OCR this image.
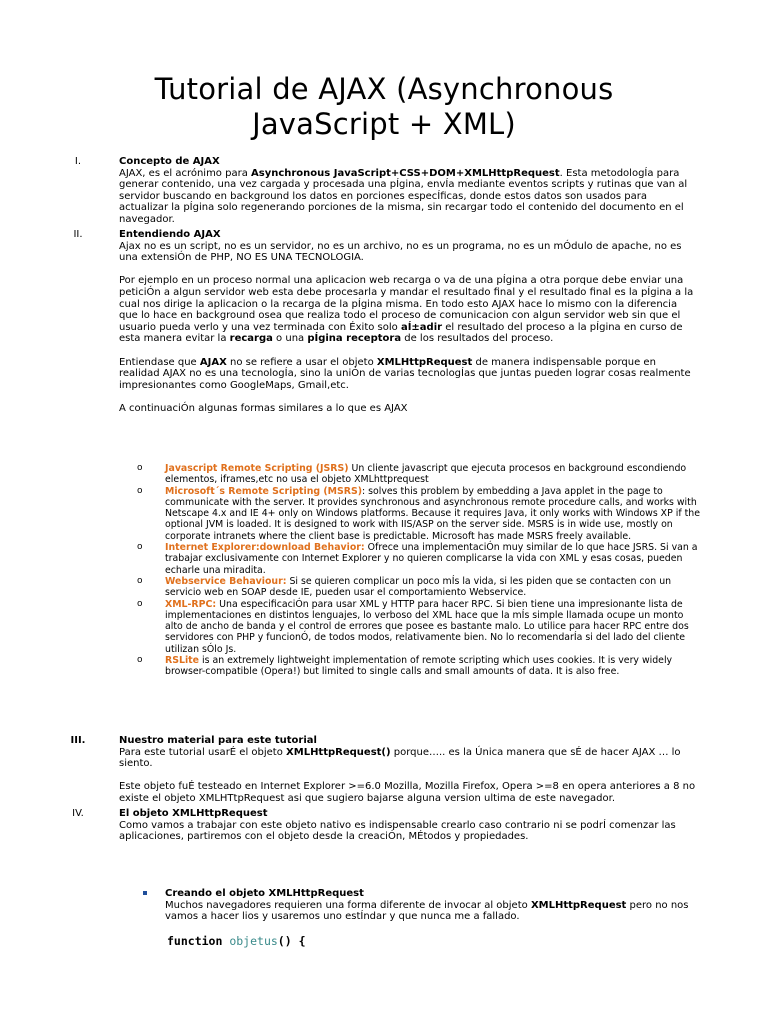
Tutorial de AJAX (Asynchronous
JavaScript + XML)
I.	Concepto de AJAX

AJAX, es el acrónimo para Asynchronous JavaScript+CSS+DOM+XMLHttpRequest. Esta metodologÍa para generar contenido, una vez cargada y procesada una pÍgina, envÍa mediante eventos scripts y rutinas que van al servidor buscando en background los datos en porciones especÍficas, donde estos datos son usados para actualizar la pÍgina solo regenerando porciones de la misma, sin recargar todo el contenido del documento en el navegador.

II.	Entendiendo AJAX

Ajax no es un script, no es un servidor, no es un archivo, no es un programa, no es un mÓdulo de apache, no es una extensiÓn de PHP, NO ES UNA TECNOLOGIA.

Por ejemplo en un proceso normal una aplicacion web recarga o va de una pÍgina a otra porque debe enviar una peticiÓn a algun servidor web esta debe procesarla y mandar el resultado final y el resultado final es la pÍgina a la cual nos dirige la aplicacion o la recarga de la pÍgina misma. En todo esto AJAX hace lo mismo con la diferencia que lo hace en background osea que realiza todo el proceso de comunicacion con algun servidor web sin que el usuario pueda verlo y una vez terminada con Éxito solo aÍ±adir el resultado del proceso a la pÍgina en curso de esta manera evitar la recarga o una pÍgina receptora de los resultados del proceso.

Entiendase que AJAX no se refiere a usar el objeto XMLHttpRequest de manera indispensable porque en realidad AJAX no es una tecnologÍa, sino la uniÓn de varias tecnologÍas que juntas pueden lograr cosas realmente impresionantes como GoogleMaps, Gmail,etc.

A continuaciÓn algunas formas similares a lo que es AJAX

o Javascript Remote Scripting (JSRS) Un cliente javascript que ejecuta procesos en background escondiendo elementos, iframes,etc no usa el objeto XMLhttprequest
o Microsoft´s Remote Scripting (MSRS): solves this problem by embedding a Java applet in the page to communicate with the server. It provides synchronous and asynchronous remote procedure calls, and works with Netscape 4.x and IE 4+ only on Windows platforms. Because it requires Java, it only works with Windows XP if the optional JVM is loaded. It is designed to work with IIS/ASP on the server side. MSRS is in wide use, mostly on corporate intranets where the client base is predictable. Microsoft has made MSRS freely available.
o Internet Explorer:download Behavior: Ofrece una implementaciÓn muy similar de lo que hace JSRS. Si van a trabajar exclusivamente con Internet Explorer y no quieren complicarse la vida con XML y esas cosas, pueden echarle una miradita.
o Webservice Behaviour: Si se quieren complicar un poco mÍs la vida, si les piden que se contacten con un servicio web en SOAP desde IE, pueden usar el comportamiento Webservice.
o XML-RPC: Una especificaciÓn para usar XML y HTTP para hacer RPC. Si bien tiene una impresionante lista de implementaciones en distintos lenguajes, lo verboso del XML hace que la mÍs simple llamada ocupe un monto alto de ancho de banda y el control de errores que posee es bastante malo. Lo utilice para hacer RPC entre dos servidores con PHP y funcionÓ, de todos modos, relativamente bien. No lo recomendarÍa si del lado del cliente utilizan sÓlo Js.
o RSLite is an extremely lightweight implementation of remote scripting which uses cookies. It is very widely browser-compatible (Opera!) but limited to single calls and small amounts of data. It is also free.
III.	Nuestro material para este tutorial

Para este tutorial usarÉ el objeto XMLHttpRequest() porque….. es la Única manera que sÉ de hacer AJAX … lo siento.

Este objeto fuÉ testeado en Internet Explorer >=6.0 Mozilla, Mozilla Firefox, Opera >=8 en opera anteriores a 8 no existe el objeto XMLHTtpRequest asi que sugiero bajarse alguna version ultima de este navegador.

IV.	El objeto XMLHttpRequest

Como vamos a trabajar con este objeto nativo es indispensable crearlo caso contrario ni se podrÍ comenzar las aplicaciones, partiremos con el objeto desde la creaciÓn, MÉtodos y propiedades.

Creando el objeto XMLHttpRequest

Muchos navegadores requieren una forma diferente de invocar al objeto XMLHttpRequest pero no nos vamos a hacer lios y usaremos uno estÍndar y que nunca me a fallado.

function objetus() {
